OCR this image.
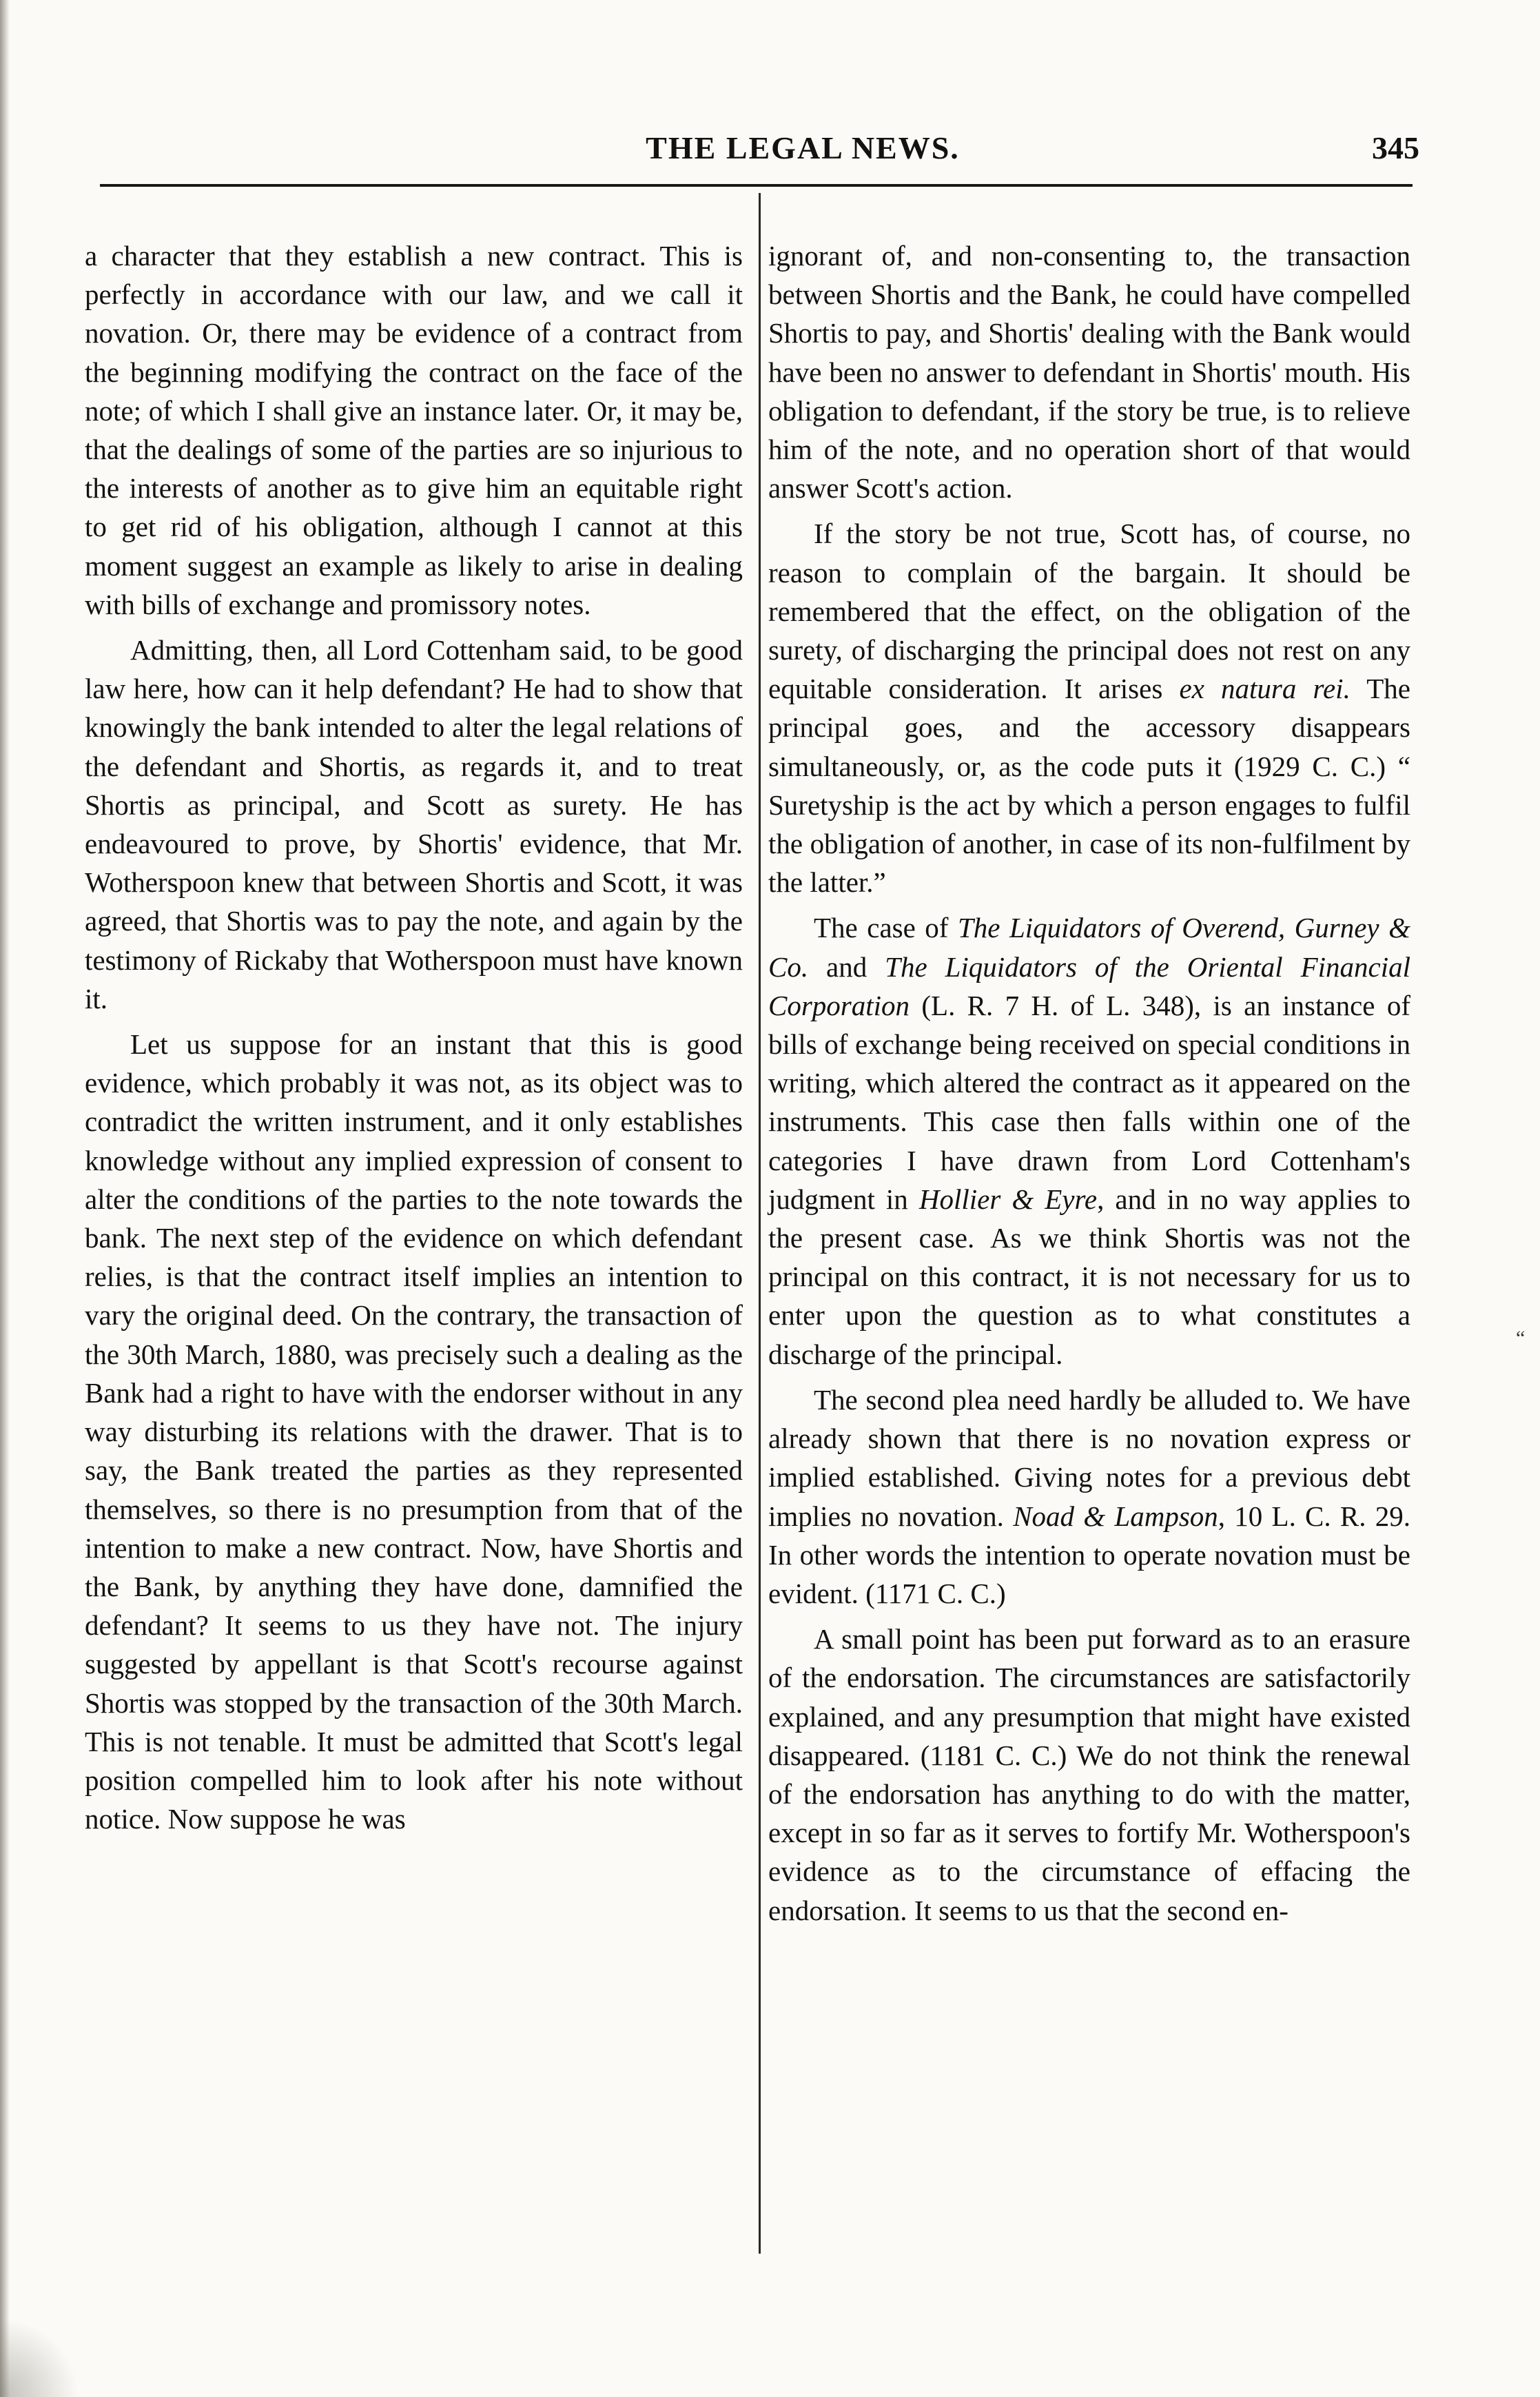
THE LEGAL NEWS.	345

a character that they establish a new contract. This is perfectly in accordance with our law, and we call it novation. Or, there may be evidence of a contract from the beginning modifying the contract on the face of the note; of which I shall give an instance later. Or, it may be, that the dealings of some of the parties are so injurious to the interests of another as to give him an equitable right to get rid of his obligation, although I cannot at this moment suggest an example as likely to arise in dealing with bills of exchange and promissory notes.

Admitting, then, all Lord Cottenham said, to be good law here, how can it help defendant? He had to show that knowingly the bank intended to alter the legal relations of the defendant and Shortis, as regards it, and to treat Shortis as principal, and Scott as surety. He has endeavoured to prove, by Shortis' evidence, that Mr. Wotherspoon knew that between Shortis and Scott, it was agreed, that Shortis was to pay the note, and again by the testimony of Rickaby that Wotherspoon must have known it.

Let us suppose for an instant that this is good evidence, which probably it was not, as its object was to contradict the written instrument, and it only establishes knowledge without any implied expression of consent to alter the conditions of the parties to the note towards the bank. The next step of the evidence on which defendant relies, is that the contract itself implies an intention to vary the original deed. On the contrary, the transaction of the 30th March, 1880, was precisely such a dealing as the Bank had a right to have with the endorser without in any way disturbing its relations with the drawer. That is to say, the Bank treated the parties as they represented themselves, so there is no presumption from that of the intention to make a new contract. Now, have Shortis and the Bank, by anything they have done, damnified the defendant? It seems to us they have not. The injury suggested by appellant is that Scott's recourse against Shortis was stopped by the transaction of the 30th March. This is not tenable. It must be admitted that Scott's legal position compelled him to look after his note without notice. Now suppose he was

ignorant of, and non-consenting to, the transaction between Shortis and the Bank, he could have compelled Shortis to pay, and Shortis' dealing with the Bank would have been no answer to defendant in Shortis' mouth. His obligation to defendant, if the story be true, is to relieve him of the note, and no operation short of that would answer Scott's action.

If the story be not true, Scott has, of course, no reason to complain of the bargain. It should be remembered that the effect, on the obligation of the surety, of discharging the principal does not rest on any equitable consideration. It arises ex natura rei. The principal goes, and the accessory disappears simultaneously, or, as the code puts it (1929 C. C.) “ Suretyship is the act by which a person engages to fulfil the obligation of another, in case of its non-fulfilment by the latter.”

The case of The Liquidators of Overend, Gurney & Co. and The Liquidators of the Oriental Financial Corporation (L. R. 7 H. of L. 348), is an instance of bills of exchange being received on special conditions in writing, which altered the contract as it appeared on the instruments. This case then falls within one of the categories I have drawn from Lord Cottenham's judgment in Hollier & Eyre, and in no way applies to the present case. As we think Shortis was not the principal on this contract, it is not necessary for us to enter upon the question as to what constitutes a discharge of the principal.

The second plea need hardly be alluded to. We have already shown that there is no novation express or implied established. Giving notes for a previous debt implies no novation. Noad & Lampson, 10 L. C. R. 29. In other words the intention to operate novation must be evident. (1171 C. C.)

A small point has been put forward as to an erasure of the endorsation. The circumstances are satisfactorily explained, and any presumption that might have existed disappeared. (1181 C. C.) We do not think the renewal of the endorsation has anything to do with the matter, except in so far as it serves to fortify Mr. Wotherspoon's evidence as to the circumstance of effacing the endorsation. It seems to us that the second en-

“
